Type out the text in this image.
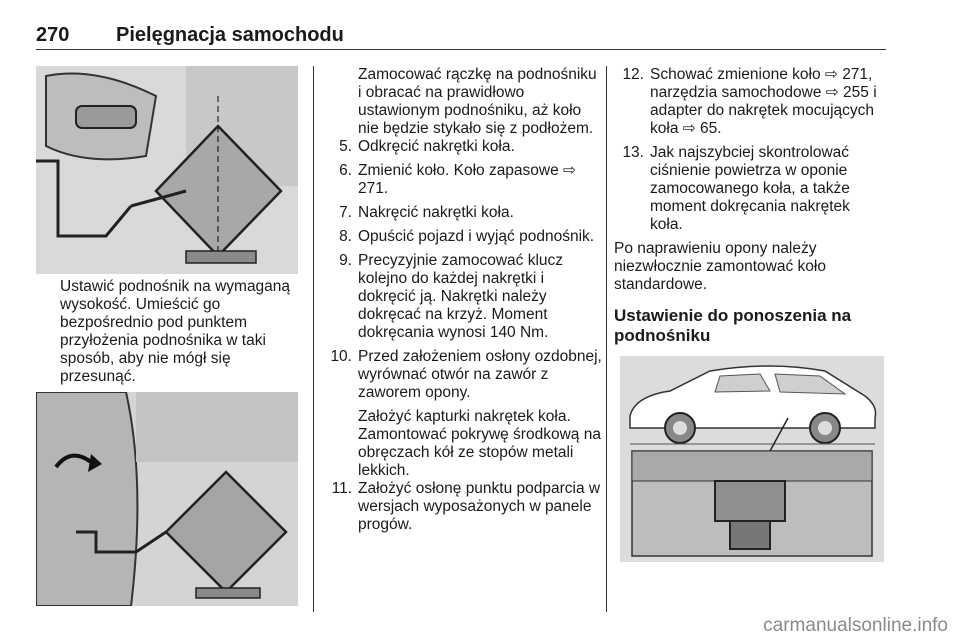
270 Pielęgnacja samochodu

Ustawić podnośnik na wymaganą wysokość. Umieścić go bezpośrednio pod punktem przyłożenia podnośnika w taki sposób, aby nie mógł się przesunąć.

Zamocować rączkę na podnośniku i obracać na prawidłowo ustawionym podnośniku, aż koło nie będzie stykało się z podłożem.

5. Odkręcić nakrętki koła.
6. Zmienić koło. Koło zapasowe ⇨ 271.
7. Nakręcić nakrętki koła.
8. Opuścić pojazd i wyjąć podnośnik.
9. Precyzyjnie zamocować klucz kolejno do każdej nakrętki i dokręcić ją. Nakrętki należy dokręcać na krzyż. Moment dokręcania wynosi 140 Nm.
10. Przed założeniem osłony ozdobnej, wyrównać otwór na zawór z zaworem opony.

Założyć kapturki nakrętek koła.

Zamontować pokrywę środkową na obręczach kół ze stopów metali lekkich.

11. Założyć osłonę punktu podparcia w wersjach wyposażonych w panele progów.
12. Schować zmienione koło ⇨ 271, narzędzia samochodowe ⇨ 255 i adapter do nakrętek mocujących koła ⇨ 65.
13. Jak najszybciej skontrolować ciśnienie powietrza w oponie zamocowanego koła, a także moment dokręcania nakrętek koła.

Po naprawieniu opony należy niezwłocznie zamontować koło standardowe.

Ustawienie do ponoszenia na podnośniku

carmanualsonline.info
